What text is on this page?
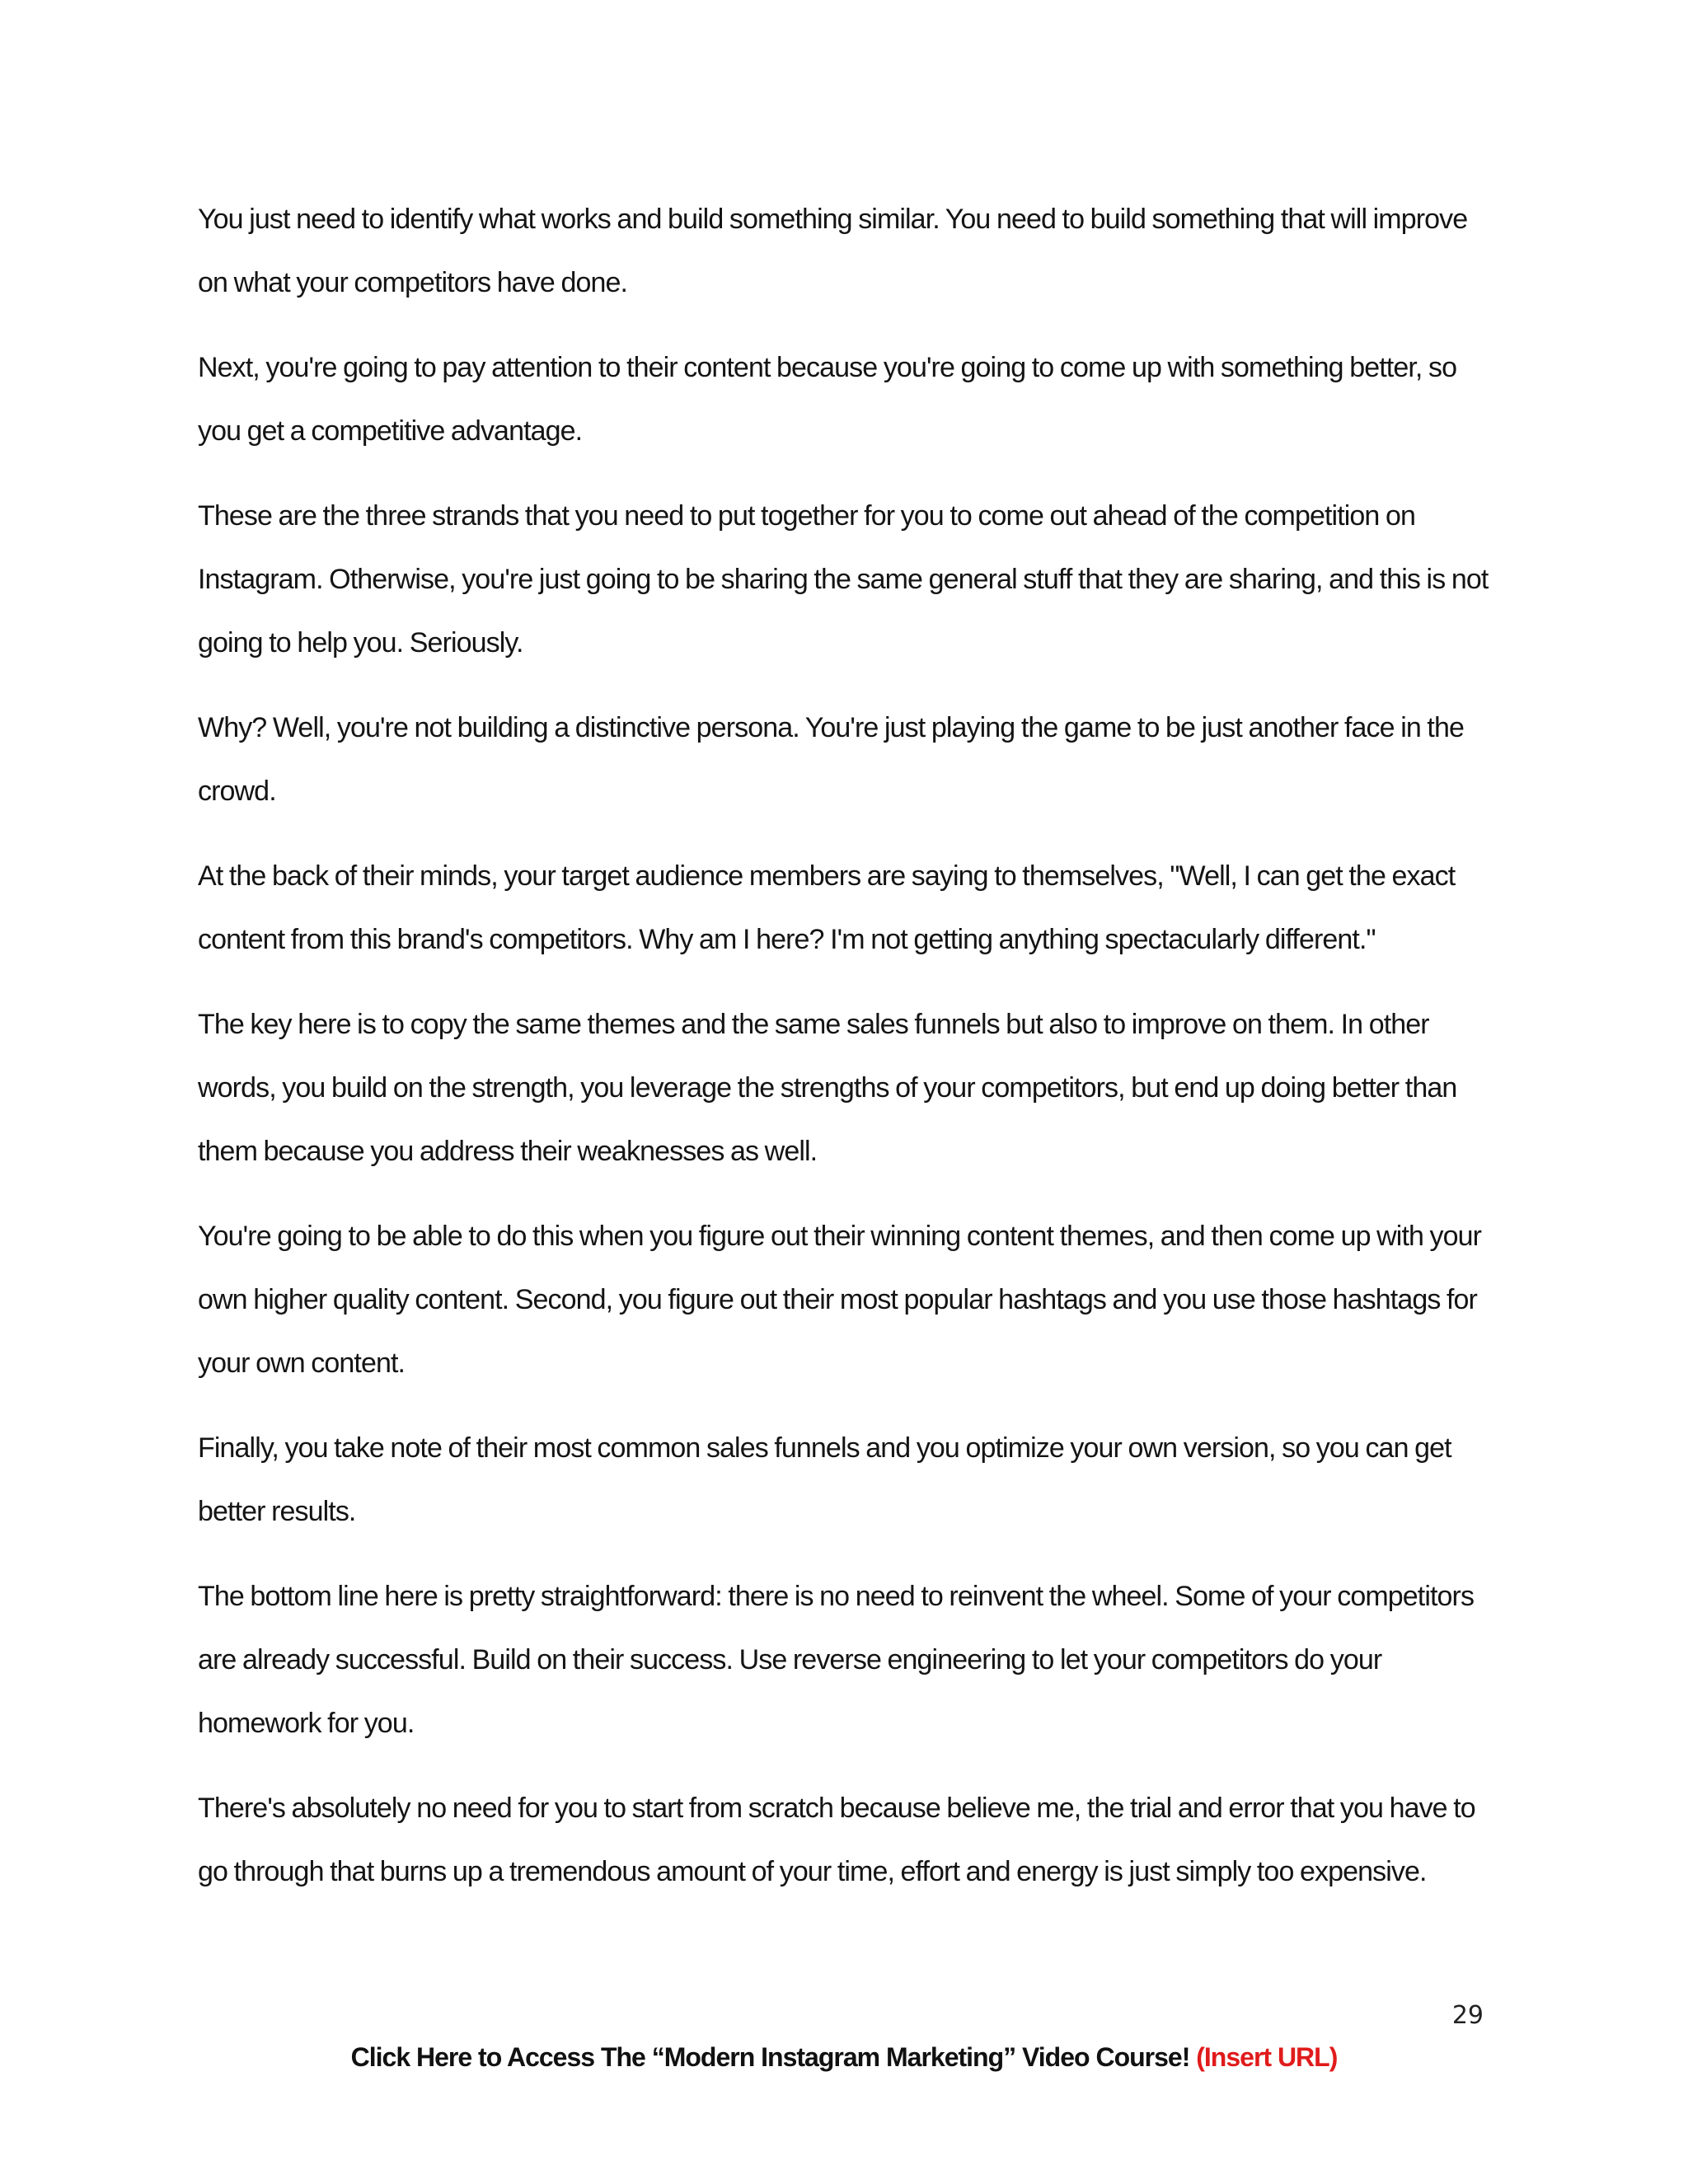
You just need to identify what works and build something similar. You need to build something that will improve on what your competitors have done.

Next, you're going to pay attention to their content because you're going to come up with something better, so you get a competitive advantage.

These are the three strands that you need to put together for you to come out ahead of the competition on Instagram. Otherwise, you're just going to be sharing the same general stuff that they are sharing, and this is not going to help you. Seriously.

Why? Well, you're not building a distinctive persona. You're just playing the game to be just another face in the crowd.

At the back of their minds, your target audience members are saying to themselves, "Well, I can get the exact content from this brand's competitors. Why am I here? I'm not getting anything spectacularly different."

The key here is to copy the same themes and the same sales funnels but also to improve on them. In other words, you build on the strength, you leverage the strengths of your competitors, but end up doing better than them because you address their weaknesses as well.

You're going to be able to do this when you figure out their winning content themes, and then come up with your own higher quality content. Second, you figure out their most popular hashtags and you use those hashtags for your own content.

Finally, you take note of their most common sales funnels and you optimize your own version, so you can get better results.

The bottom line here is pretty straightforward: there is no need to reinvent the wheel. Some of your competitors are already successful. Build on their success. Use reverse engineering to let your competitors do your homework for you.

There's absolutely no need for you to start from scratch because believe me, the trial and error that you have to go through that burns up a tremendous amount of your time, effort and energy is just simply too expensive.

29
Click Here to Access The “Modern Instagram Marketing” Video Course! (Insert URL)
